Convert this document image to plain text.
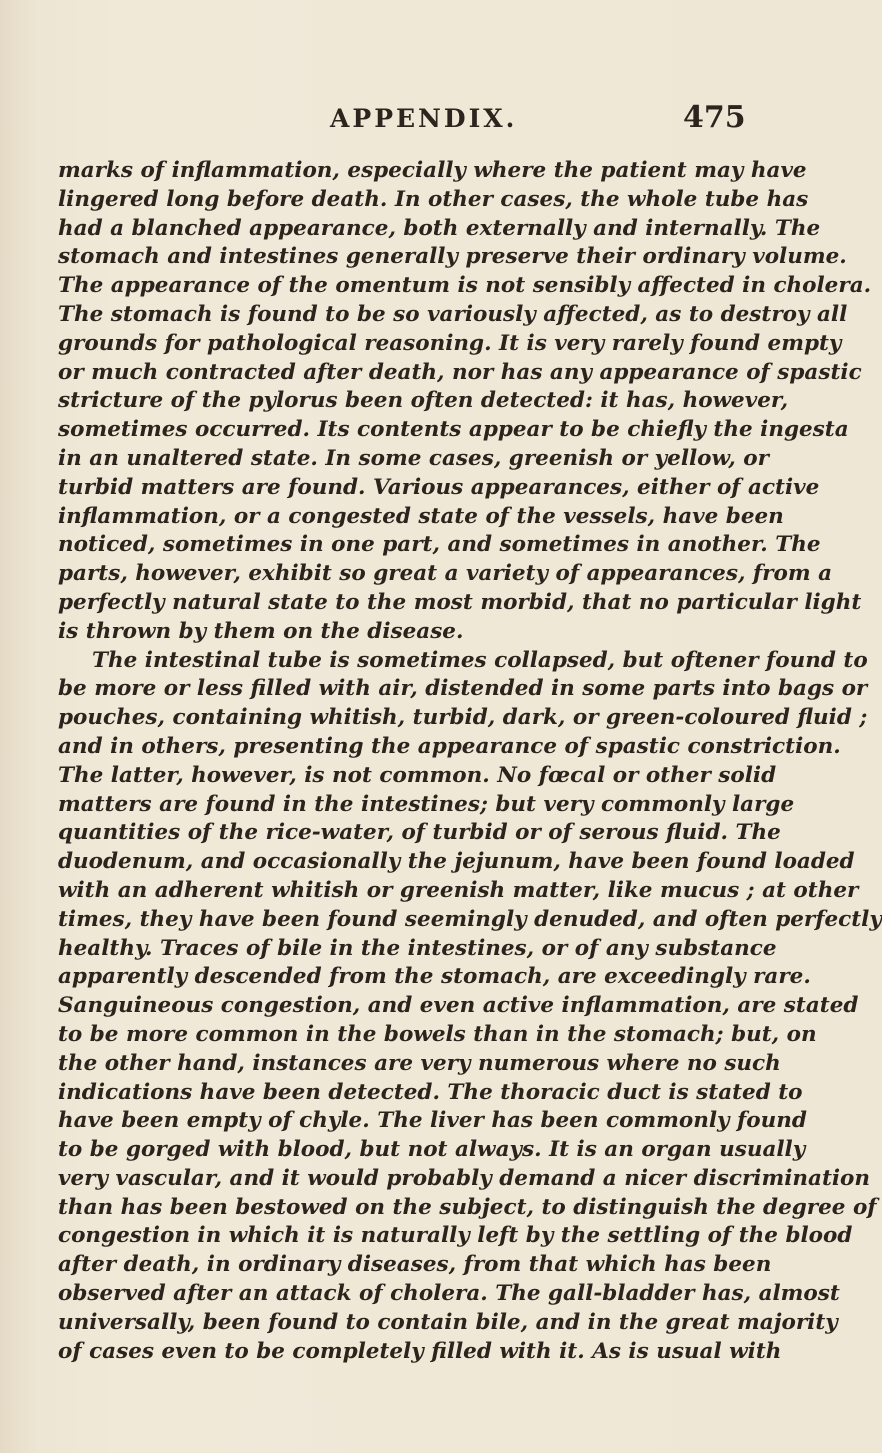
APPENDIX.	475
marks of inflammation, especially where the patient may have
lingered long before death. In other cases, the whole tube has
had a blanched appearance, both externally and internally. The
stomach and intestines generally preserve their ordinary volume.
The appearance of the omentum is not sensibly affected in cholera.
The stomach is found to be so variously affected, as to destroy all
grounds for pathological reasoning. It is very rarely found empty
or much contracted after death, nor has any appearance of spastic
stricture of the pylorus been often detected: it has, however,
sometimes occurred. Its contents appear to be chiefly the ingesta
in an unaltered state. In some cases, greenish or yellow, or
turbid matters are found. Various appearances, either of active
inflammation, or a congested state of the vessels, have been
noticed, sometimes in one part, and sometimes in another. The
parts, however, exhibit so great a variety of appearances, from a
perfectly natural state to the most morbid, that no particular light
is thrown by them on the disease.
The intestinal tube is sometimes collapsed, but oftener found to
be more or less filled with air, distended in some parts into bags or
pouches, containing whitish, turbid, dark, or green-coloured fluid ;
and in others, presenting the appearance of spastic constriction.
The latter, however, is not common. No fœcal or other solid
matters are found in the intestines; but very commonly large
quantities of the rice-water, of turbid or of serous fluid. The
duodenum, and occasionally the jejunum, have been found loaded
with an adherent whitish or greenish matter, like mucus ; at other
times, they have been found seemingly denuded, and often perfectly
healthy. Traces of bile in the intestines, or of any substance
apparently descended from the stomach, are exceedingly rare.
Sanguineous congestion, and even active inflammation, are stated
to be more common in the bowels than in the stomach; but, on
the other hand, instances are very numerous where no such
indications have been detected. The thoracic duct is stated to
have been empty of chyle. The liver has been commonly found
to be gorged with blood, but not always. It is an organ usually
very vascular, and it would probably demand a nicer discrimination
than has been bestowed on the subject, to distinguish the degree of
congestion in which it is naturally left by the settling of the blood
after death, in ordinary diseases, from that which has been
observed after an attack of cholera. The gall-bladder has, almost
universally, been found to contain bile, and in the great majority
of cases even to be completely filled with it. As is usual with
